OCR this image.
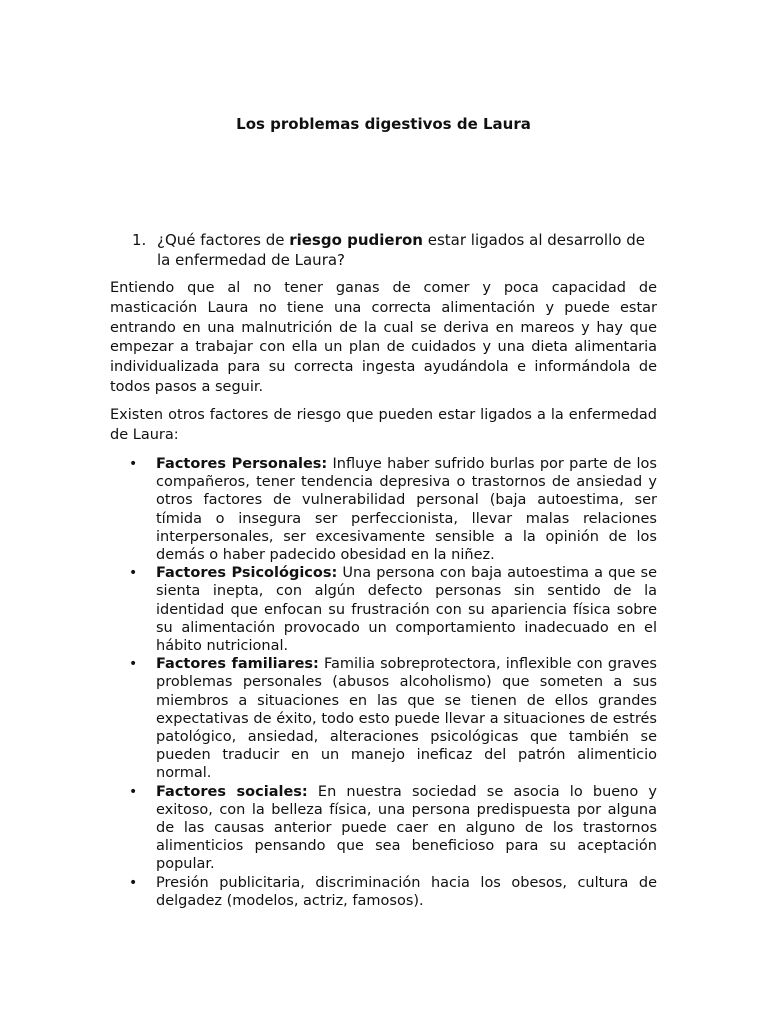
Los problemas digestivos de Laura
1. ¿Qué factores de riesgo pudieron estar ligados al desarrollo de la enfermedad de Laura?

Entiendo que al no tener ganas de comer y poca capacidad de masticación Laura no tiene una correcta alimentación y puede estar entrando en una malnutrición de la cual se deriva en mareos y hay que empezar a trabajar con ella un plan de cuidados y una dieta alimentaria individualizada para su correcta ingesta ayudándola e informándola de todos pasos a seguir.

Existen otros factores de riesgo que pueden estar ligados a la enfermedad de Laura:

• Factores Personales: Influye haber sufrido burlas por parte de los compañeros, tener tendencia depresiva o trastornos de ansiedad y otros factores de vulnerabilidad personal (baja autoestima, ser tímida o insegura ser perfeccionista, llevar malas relaciones interpersonales, ser excesivamente sensible a la opinión de los demás o haber padecido obesidad en la niñez.
• Factores Psicológicos: Una persona con baja autoestima a que se sienta inepta, con algún defecto personas sin sentido de la identidad que enfocan su frustración con su apariencia física sobre su alimentación provocado un comportamiento inadecuado en el hábito nutricional.
• Factores familiares: Familia sobreprotectora, inflexible con graves problemas personales (abusos alcoholismo) que someten a sus miembros a situaciones en las que se tienen de ellos grandes expectativas de éxito, todo esto puede llevar a situaciones de estrés patológico, ansiedad, alteraciones psicológicas que también se pueden traducir en un manejo ineficaz del patrón alimenticio normal.
• Factores sociales: En nuestra sociedad se asocia lo bueno y exitoso, con la belleza física, una persona predispuesta por alguna de las causas anterior puede caer en alguno de los trastornos alimenticios pensando que sea beneficioso para su aceptación popular.
• Presión publicitaria, discriminación hacia los obesos, cultura de delgadez (modelos, actriz, famosos).
